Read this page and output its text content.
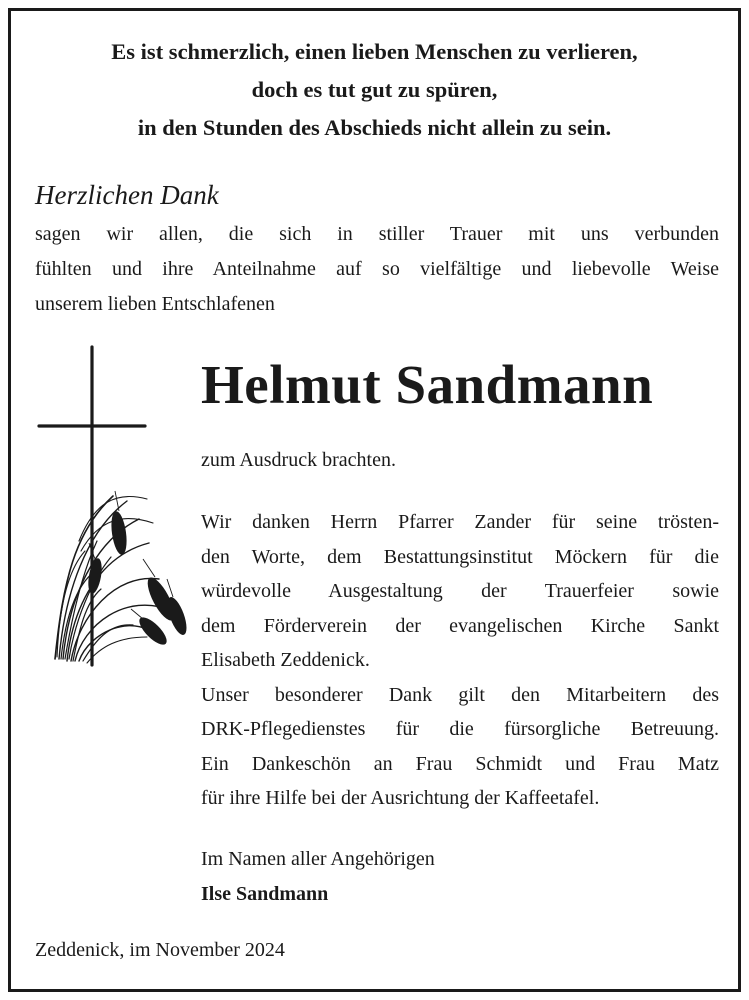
Es ist schmerzlich, einen lieben Menschen zu verlieren,
doch es tut gut zu spüren,
in den Stunden des Abschieds nicht allein zu sein.
Herzlichen Dank
sagen wir allen, die sich in stiller Trauer mit uns verbunden
fühlten und ihre Anteilnahme auf so vielfältige und liebevolle Weise
unserem lieben Entschlafenen
Helmut Sandmann
zum Ausdruck brachten.
Wir danken Herrn Pfarrer Zander für seine trösten-
den Worte, dem Bestattungsinstitut Möckern für die
würdevolle Ausgestaltung der Trauerfeier sowie
dem Förderverein der evangelischen Kirche Sankt
Elisabeth Zeddenick.
Unser besonderer Dank gilt den Mitarbeitern des
DRK-Pflegedienstes für die fürsorgliche Betreuung.
Ein Dankeschön an Frau Schmidt und Frau Matz
für ihre Hilfe bei der Ausrichtung der Kaffeetafel.
Im Namen aller Angehörigen
Ilse Sandmann
Zeddenick, im November 2024
